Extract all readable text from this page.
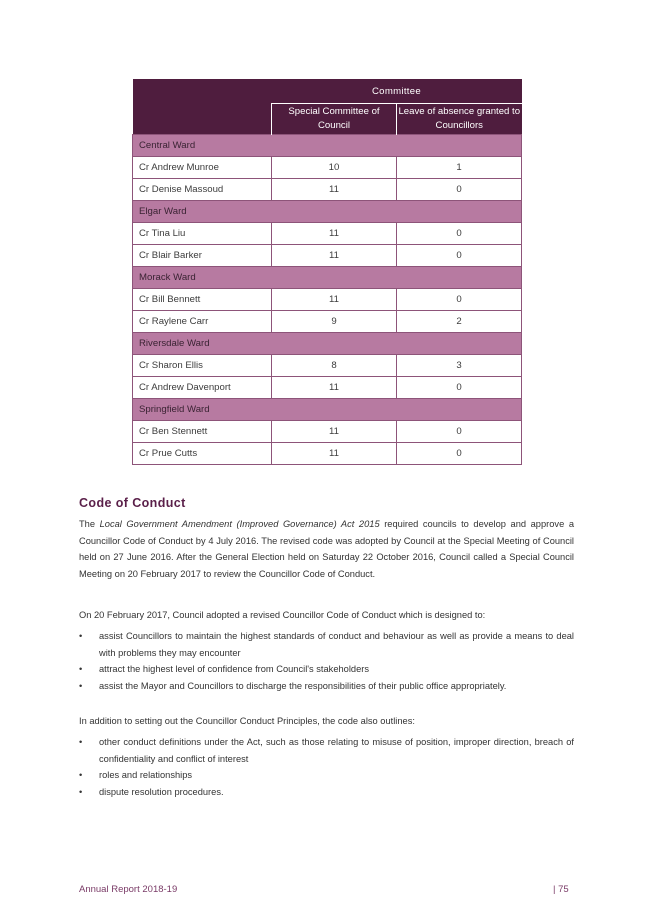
	Committee	
	Special Committee of Council	Leave of absence granted to Councillors
Central Ward		
Cr Andrew Munroe	10	1
Cr Denise Massoud	11	0
Elgar Ward		
Cr Tina Liu	11	0
Cr Blair Barker	11	0
Morack Ward		
Cr Bill Bennett	11	0
Cr Raylene Carr	9	2
Riversdale Ward		
Cr Sharon Ellis	8	3
Cr Andrew Davenport	11	0
Springfield Ward		
Cr Ben Stennett	11	0
Cr Prue Cutts	11	0
Code of Conduct

The Local Government Amendment (Improved Governance) Act 2015 required councils to develop and approve a Councillor Code of Conduct by 4 July 2016. The revised code was adopted by Council at the Special Meeting of Council held on 27 June 2016. After the General Election held on Saturday 22 October 2016, Council called a Special Council Meeting on 20 February 2017 to review the Councillor Code of Conduct.

On 20 February 2017, Council adopted a revised Councillor Code of Conduct which is designed to:

• assist Councillors to maintain the highest standards of conduct and behaviour as well as provide a means to deal with problems they may encounter
• attract the highest level of confidence from Council's stakeholders
• assist the Mayor and Councillors to discharge the responsibilities of their public office appropriately.

In addition to setting out the Councillor Conduct Principles, the code also outlines:

• other conduct definitions under the Act, such as those relating to misuse of position, improper direction, breach of confidentiality and conflict of interest
• roles and relationships
• dispute resolution procedures.
Annual Report 2018-19	| 75
